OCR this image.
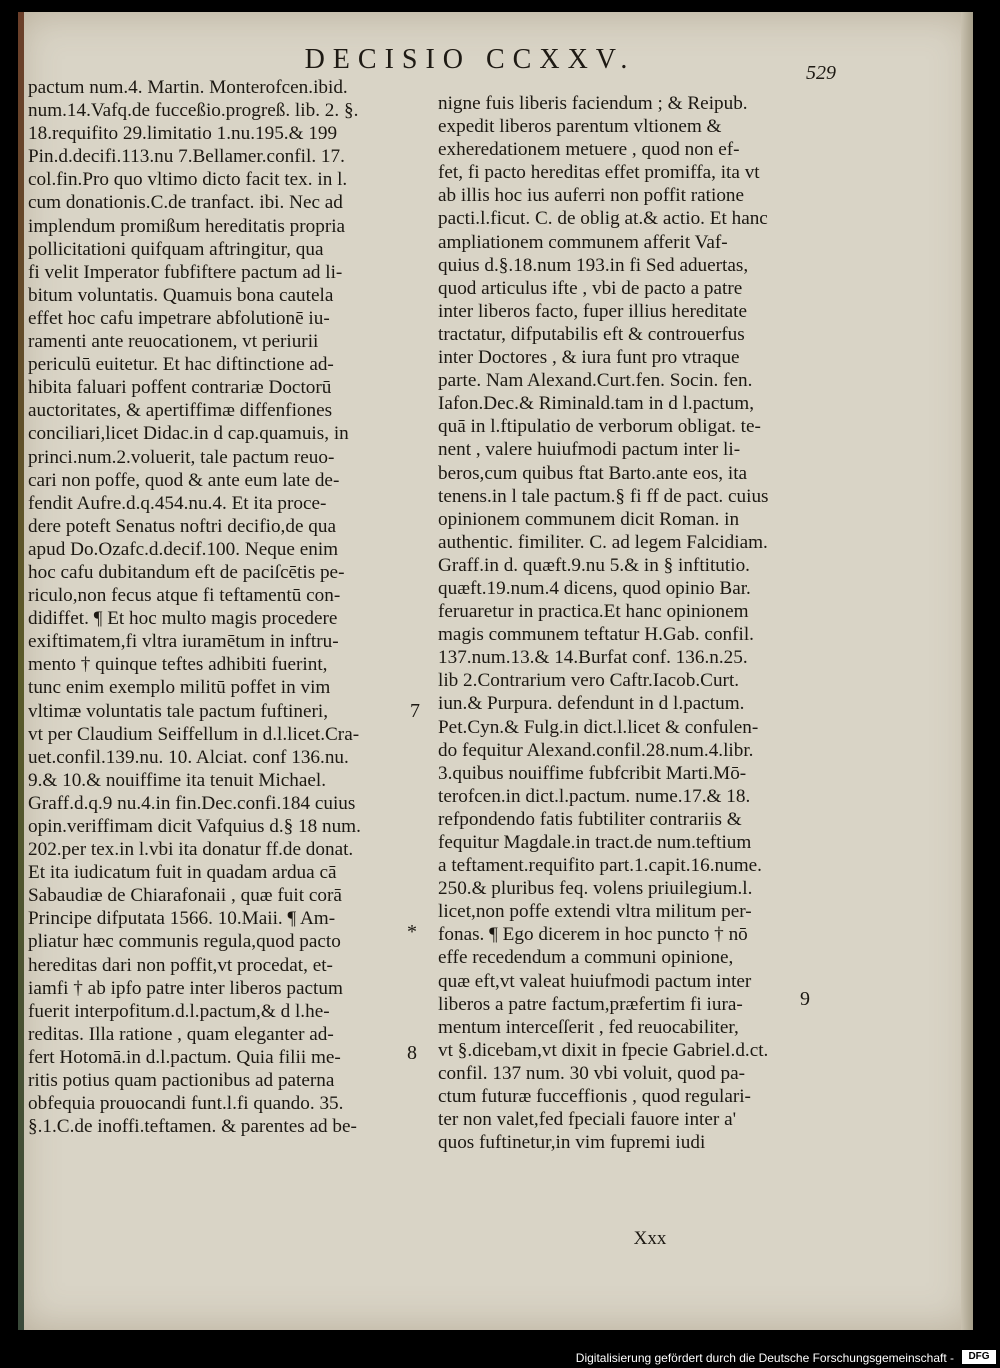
DECISIO CCXXV.	529
pactum num.4. Martin. Monterofcen.ibid.
num.14.Vafq.de fucceßio.progreß. lib. 2. §.
18.requifito 29.limitatio 1.nu.195.& 199
Pin.d.decifi.113.nu 7.Bellamer.confil. 17.
col.fin.Pro quo vltimo dicto facit tex. in l.
cum donationis.C.de tranfact. ibi. Nec ad
implendum promißum hereditatis propria
pollicitationi quifquam aftringitur, qua
fi velit Imperator fubfiftere pactum ad li-
bitum voluntatis. Quamuis bona cautela
effet hoc cafu impetrare abfolutionē iu-
ramenti ante reuocationem, vt periurii
periculū euitetur. Et hac diftinctione ad-
hibita faluari poffent contrariæ Doctorū
auctoritates, & apertiffimæ diffenfiones
conciliari,licet Didac.in d cap.quamuis, in
princi.num.2.voluerit, tale pactum reuo-
cari non poffe, quod & ante eum late de-
fendit Aufre.d.q.454.nu.4. Et ita proce-
dere poteft Senatus noftri decifio,de qua
apud Do.Ozafc.d.decif.100. Neque enim
hoc cafu dubitandum eft de paciſcētis pe-
riculo,non fecus atque fi teftamentū con-
didiffet. ¶ Et hoc multo magis procedere
exiftimatem,fi vltra iuramētum in inftru-
mento † quinque teftes adhibiti fuerint,
tunc enim exemplo militū poffet in vim
vltimæ voluntatis tale pactum fuftineri,
vt per Claudium Seiffellum in d.l.licet.Cra-
uet.confil.139.nu. 10. Alciat. conf 136.nu.
9.& 10.& nouiffime ita tenuit Michael.
Graff.d.q.9 nu.4.in fin.Dec.confi.184 cuius
opin.veriffimam dicit Vafquius d.§ 18 num.
202.per tex.in l.vbi ita donatur ff.de donat.
Et ita iudicatum fuit in quadam ardua cā
Sabaudiæ de Chiarafonaii , quæ fuit corā
Principe difputata 1566. 10.Maii. ¶ Am-
pliatur hæc communis regula,quod pacto
hereditas dari non poffit,vt procedat, et-
iamfi † ab ipfo patre inter liberos pactum
fuerit interpofitum.d.l.pactum,& d l.he-
reditas. Illa ratione , quam eleganter ad-
fert Hotomā.in d.l.pactum. Quia filii me-
ritis potius quam pactionibus ad paterna
obfequia prouocandi funt.l.fi quando. 35.
§.1.C.de inoffi.teftamen. & parentes ad be-
nigne fuis liberis faciendum ; & Reipub.
expedit liberos parentum vltionem &
exheredationem metuere , quod non ef-
fet, fi pacto hereditas effet promiffa, ita vt
ab illis hoc ius auferri non poffit ratione
pacti.l.ficut. C. de oblig at.& actio. Et hanc
ampliationem communem afferit Vaf-
quius d.§.18.num 193.in fi Sed aduertas,
quod articulus ifte , vbi de pacto a patre
inter liberos facto, fuper illius hereditate
tractatur, difputabilis eft & controuerfus
inter Doctores , & iura funt pro vtraque
parte. Nam Alexand.Curt.fen. Socin. fen.
Iafon.Dec.& Riminald.tam in d l.pactum,
quā in l.ftipulatio de verborum obligat. te-
nent , valere huiufmodi pactum inter li-
beros,cum quibus ftat Barto.ante eos, ita
tenens.in l tale pactum.§ fi ff de pact. cuius
opinionem communem dicit Roman. in
authentic. fimiliter. C. ad legem Falcidiam.
Graff.in d. quæft.9.nu 5.& in § inftitutio.
quæft.19.num.4 dicens, quod opinio Bar.
feruaretur in practica.Et hanc opinionem
magis communem teftatur H.Gab. confil.
137.num.13.& 14.Burfat conf. 136.n.25.
lib 2.Contrarium vero Caftr.Iacob.Curt.
iun.& Purpura. defendunt in d l.pactum.
Pet.Cyn.& Fulg.in dict.l.licet & confulen-
do fequitur Alexand.confil.28.num.4.libr.
3.quibus nouiffime fubfcribit Marti.Mō-
terofcen.in dict.l.pactum. nume.17.& 18.
refpondendo fatis fubtiliter contrariis &
fequitur Magdale.in tract.de num.teftium
a teftament.requifito part.1.capit.16.nume.
250.& pluribus feq. volens priuilegium.l.
licet,non poffe extendi vltra militum per-
fonas. ¶ Ego dicerem in hoc puncto † nō
effe recedendum a communi opinione,
quæ eft,vt valeat huiufmodi pactum inter
liberos a patre factum,præfertim fi iura-
mentum interceſſerit , fed reuocabiliter,
vt §.dicebam,vt dixit in fpecie Gabriel.d.ct.
confil. 137 num. 30 vbi voluit, quod pa-
ctum futuræ fucceffionis , quod regulari-
ter non valet,fed fpeciali fauore inter a'
quos fuftinetur,in vim fupremi iudi
7
*
8
9
Xxx
Digitalisierung gefördert durch die Deutsche Forschungsgemeinschaft -	DFG
